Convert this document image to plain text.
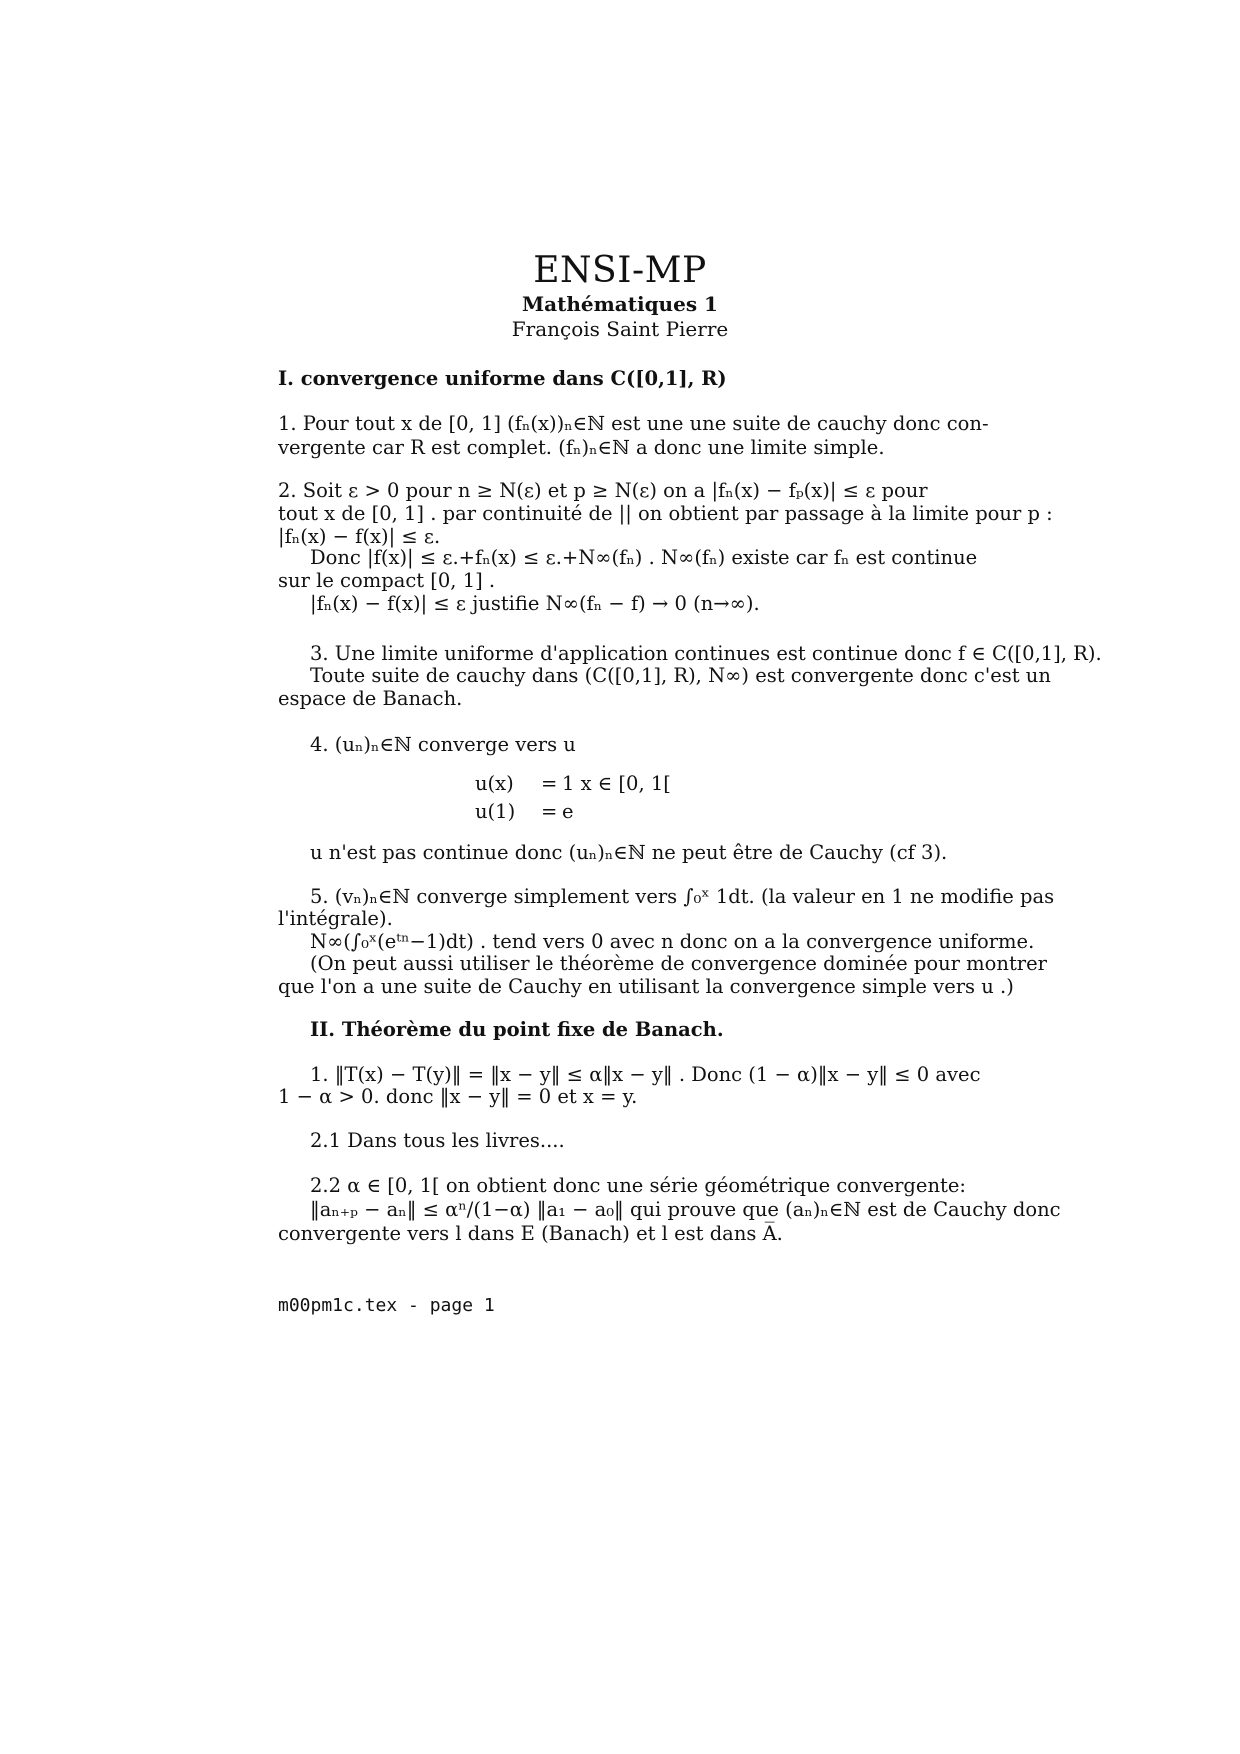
ENSI-MP
Mathématiques 1
François Saint Pierre
I. convergence uniforme dans C([0,1], R)
1. Pour tout x de [0, 1] (fₙ(x))ₙ∈ℕ est une une suite de cauchy donc con-
vergente car R est complet. (fₙ)ₙ∈ℕ a donc une limite simple.
2. Soit ε > 0 pour n ≥ N(ε) et p ≥ N(ε) on a |fₙ(x) − fₚ(x)| ≤ ε pour
tout x de [0, 1] . par continuité de || on obtient par passage à la limite pour p :
|fₙ(x) − f(x)| ≤ ε.
Donc |f(x)| ≤ ε.+fₙ(x) ≤ ε.+N∞(fₙ) . N∞(fₙ) existe car fₙ est continue
sur le compact [0, 1] .
|fₙ(x) − f(x)| ≤ ε justifie N∞(fₙ − f) → 0 (n→∞).
3. Une limite uniforme d'application continues est continue donc f ∈ C([0,1], R).
Toute suite de cauchy dans (C([0,1], R), N∞) est convergente donc c'est un
espace de Banach.
4. (uₙ)ₙ∈ℕ converge vers u
u(x) = 1 x ∈ [0, 1[
u(1) = e
u n'est pas continue donc (uₙ)ₙ∈ℕ ne peut être de Cauchy (cf 3).
5. (vₙ)ₙ∈ℕ converge simplement vers ∫₀ˣ 1dt. (la valeur en 1 ne modifie pas
l'intégrale).
N∞(∫₀ˣ(eᵗⁿ−1)dt) . tend vers 0 avec n donc on a la convergence uniforme.
(On peut aussi utiliser le théorème de convergence dominée pour montrer
que l'on a une suite de Cauchy en utilisant la convergence simple vers u .)
II. Théorème du point fixe de Banach.
1. ‖T(x) − T(y)‖ = ‖x − y‖ ≤ α‖x − y‖ . Donc (1 − α)‖x − y‖ ≤ 0 avec
1 − α > 0. donc ‖x − y‖ = 0 et x = y.
2.1 Dans tous les livres....
2.2 α ∈ [0, 1[ on obtient donc une série géométrique convergente:
‖aₙ₊ₚ − aₙ‖ ≤ αⁿ/(1−α) ‖a₁ − a₀‖ qui prouve que (aₙ)ₙ∈ℕ est de Cauchy donc
convergente vers l dans E (Banach) et l est dans A̅.
m00pm1c.tex - page 1
